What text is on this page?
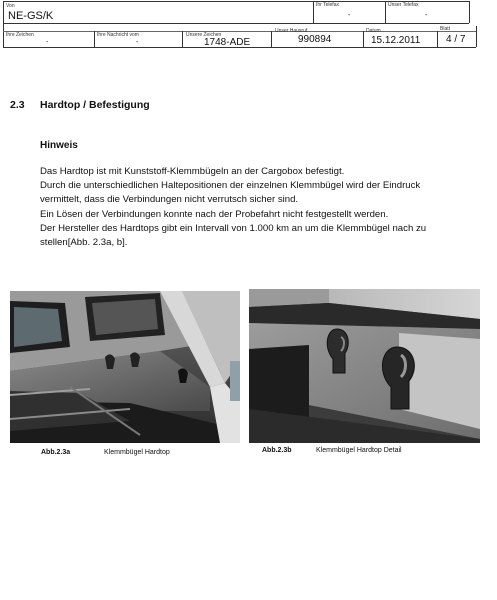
Von
NE-GS/K
Ihr Telefax
-
Unser Telefax
-
Ihre Zeichen
-
Ihre Nachricht vom
-
Unsere Zeichen
1748-ADE
Unser Hausruf
990894
Datum
15.12.2011
Blatt
4 / 7
2.3 Hardtop / Befestigung
Hinweis

Das Hardtop ist mit Kunststoff-Klemmbügeln an der Cargobox befestigt.

Durch die unterschiedlichen Haltepositionen der einzelnen Klemmbügel wird der Eindruck

vermittelt, dass die Verbindungen nicht verrutsch sicher sind.

Ein Lösen der Verbindungen konnte nach der Probefahrt nicht festgestellt werden.

Der Hersteller des Hardtops gibt ein Intervall von 1.000 km an um die Klemmbügel nach zu

stellen[Abb. 2.3a, b].

Abb.2.3a	Klemmbügel Hardtop	Abb.2.3b	Klemmbügel Hardtop Detail
